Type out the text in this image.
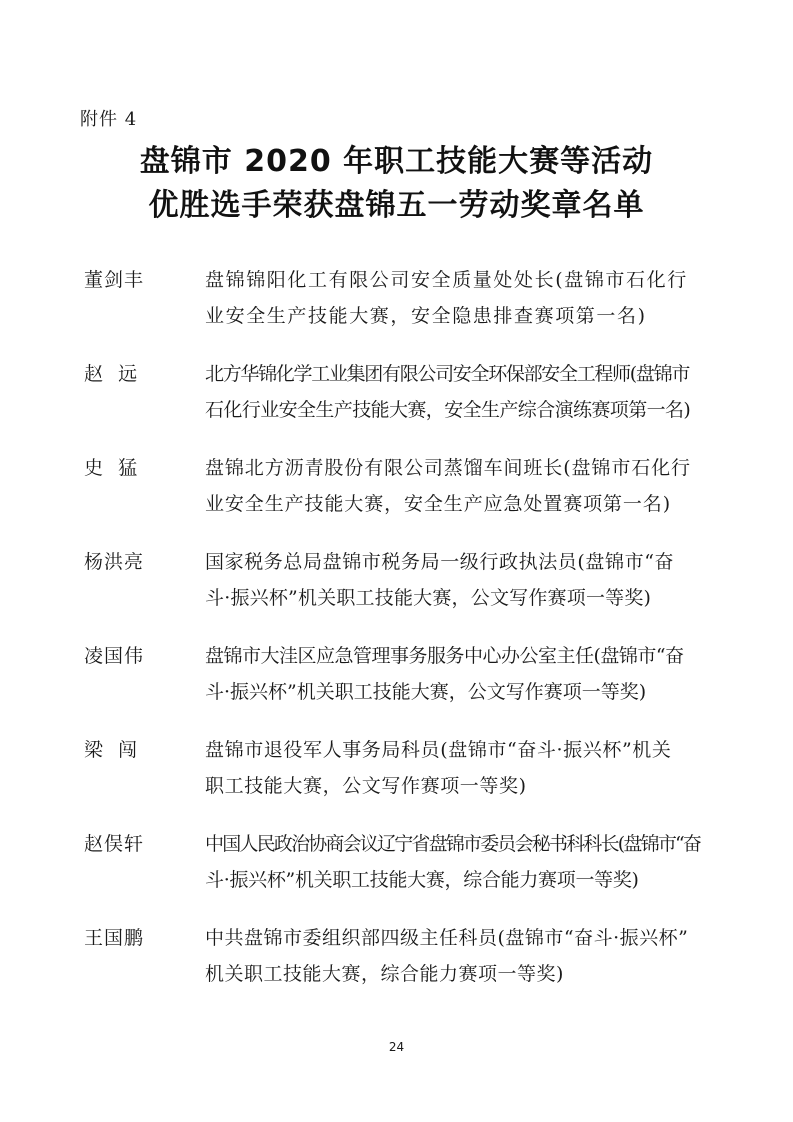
附件 4
盘锦市 2020 年职工技能大赛等活动
优胜选手荣获盘锦五一劳动奖章名单
董剑丰	盘锦锦阳化工有限公司安全质量处处长(盘锦市石化行
业安全生产技能大赛，安全隐患排查赛项第一名)
赵  远	北方华锦化学工业集团有限公司安全环保部安全工程师(盘锦市
石化行业安全生产技能大赛，安全生产综合演练赛项第一名)
史  猛	盘锦北方沥青股份有限公司蒸馏车间班长(盘锦市石化行
业安全生产技能大赛，安全生产应急处置赛项第一名)
杨洪亮	国家税务总局盘锦市税务局一级行政执法员(盘锦市“奋
斗·振兴杯”机关职工技能大赛，公文写作赛项一等奖)
凌国伟	盘锦市大洼区应急管理事务服务中心办公室主任(盘锦市“奋
斗·振兴杯”机关职工技能大赛，公文写作赛项一等奖)
梁  闯	盘锦市退役军人事务局科员(盘锦市“奋斗·振兴杯”机关
职工技能大赛，公文写作赛项一等奖)
赵俣轩	中国人民政治协商会议辽宁省盘锦市委员会秘书科科长(盘锦市“奋
斗·振兴杯”机关职工技能大赛，综合能力赛项一等奖)
王国鹏	中共盘锦市委组织部四级主任科员(盘锦市“奋斗·振兴杯”
机关职工技能大赛，综合能力赛项一等奖)
24
